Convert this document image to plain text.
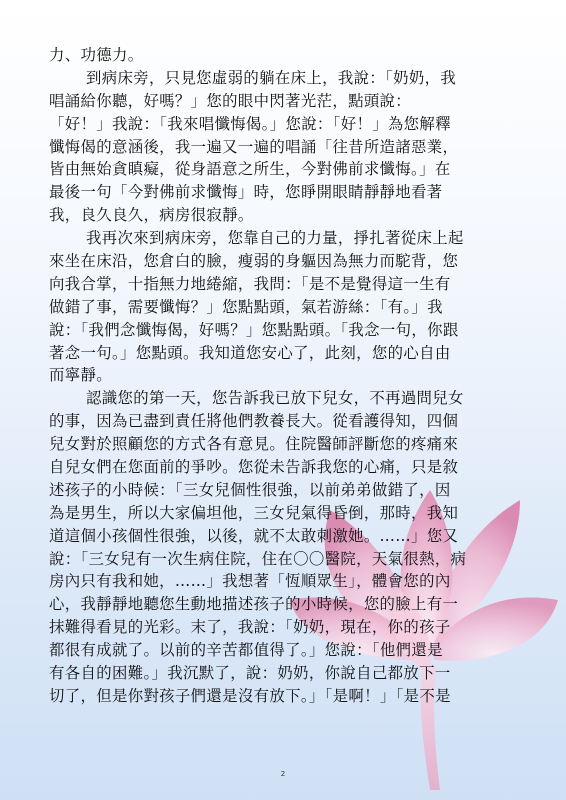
力、功德力。
到病床旁，只見您虛弱的躺在床上，我說：「奶奶，我
唱誦給你聽，好嗎？」您的眼中閃著光茫，點頭說：
「好！」我說：「我來唱懺悔偈。」您說：「好！」為您解釋
懺悔偈的意涵後，我一遍又一遍的唱誦「往昔所造諸惡業，
皆由無始貪瞋癡，從身語意之所生，今對佛前求懺悔。」在
最後一句「今對佛前求懺悔」時，您睜開眼睛靜靜地看著
我，良久良久，病房很寂靜。
我再次來到病床旁，您靠自己的力量，掙扎著從床上起
來坐在床沿，您倉白的臉，瘦弱的身軀因為無力而駝背，您
向我合掌，十指無力地綣縮，我問：「是不是覺得這一生有
做錯了事，需要懺悔？」您點點頭，氣若游絲：「有。」我
說：「我們念懺悔偈，好嗎？」您點點頭。「我念一句，你跟
著念一句。」您點頭。我知道您安心了，此刻，您的心自由
而寧靜。
認識您的第一天，您告訴我已放下兒女，不再過問兒女
的事，因為已盡到責任將他們教養長大。從看護得知，四個
兒女對於照顧您的方式各有意見。住院醫師評斷您的疼痛來
自兒女們在您面前的爭吵。您從未告訴我您的心痛，只是敘
述孩子的小時候：「三女兒個性很強，以前弟弟做錯了，因
為是男生，所以大家偏坦他，三女兒氣得昏倒，那時，我知
道這個小孩個性很強，以後，就不太敢刺激她。……」您又
說：「三女兒有一次生病住院，住在〇〇醫院，天氣很熱，病
房內只有我和她，……」我想著「恆順眾生」，體會您的內
心，我靜靜地聽您生動地描述孩子的小時候，您的臉上有一
抹難得看見的光彩。末了，我說：「奶奶，現在，你的孩子
都很有成就了。以前的辛苦都值得了。」您說：「他們還是
有各自的困難。」我沉默了，說：奶奶，你說自己都放下一
切了，但是你對孩子們還是沒有放下。」「是啊！」「是不是
2
